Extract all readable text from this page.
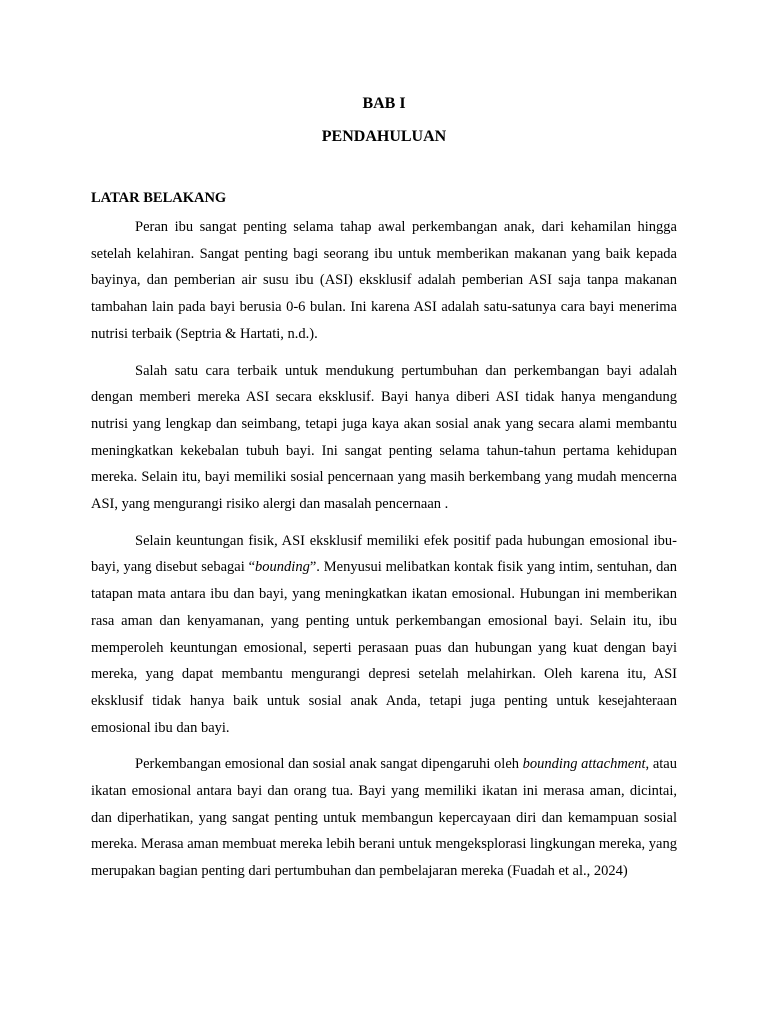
BAB I
PENDAHULUAN
LATAR BELAKANG

Peran ibu sangat penting selama tahap awal perkembangan anak, dari kehamilan hingga setelah kelahiran. Sangat penting bagi seorang ibu untuk memberikan makanan yang baik kepada bayinya, dan pemberian air susu ibu (ASI) eksklusif adalah pemberian ASI saja tanpa makanan tambahan lain pada bayi berusia 0-6 bulan. Ini karena ASI adalah satu-satunya cara bayi menerima nutrisi terbaik (Septria & Hartati, n.d.).

Salah satu cara terbaik untuk mendukung pertumbuhan dan perkembangan bayi adalah dengan memberi mereka ASI secara eksklusif. Bayi hanya diberi ASI tidak hanya mengandung nutrisi yang lengkap dan seimbang, tetapi juga kaya akan sosial anak yang secara alami membantu meningkatkan kekebalan tubuh bayi. Ini sangat penting selama tahun-tahun pertama kehidupan mereka. Selain itu, bayi memiliki sosial pencernaan yang masih berkembang yang mudah mencerna ASI, yang mengurangi risiko alergi dan masalah pencernaan .

Selain keuntungan fisik, ASI eksklusif memiliki efek positif pada hubungan emosional ibu-bayi, yang disebut sebagai “bounding”. Menyusui melibatkan kontak fisik yang intim, sentuhan, dan tatapan mata antara ibu dan bayi, yang meningkatkan ikatan emosional. Hubungan ini memberikan rasa aman dan kenyamanan, yang penting untuk perkembangan emosional bayi. Selain itu, ibu memperoleh keuntungan emosional, seperti perasaan puas dan hubungan yang kuat dengan bayi mereka, yang dapat membantu mengurangi depresi setelah melahirkan. Oleh karena itu, ASI eksklusif tidak hanya baik untuk sosial anak Anda, tetapi juga penting untuk kesejahteraan emosional ibu dan bayi.

Perkembangan emosional dan sosial anak sangat dipengaruhi oleh bounding attachment, atau ikatan emosional antara bayi dan orang tua. Bayi yang memiliki ikatan ini merasa aman, dicintai, dan diperhatikan, yang sangat penting untuk membangun kepercayaan diri dan kemampuan sosial mereka. Merasa aman membuat mereka lebih berani untuk mengeksplorasi lingkungan mereka, yang merupakan bagian penting dari pertumbuhan dan pembelajaran mereka (Fuadah et al., 2024)
